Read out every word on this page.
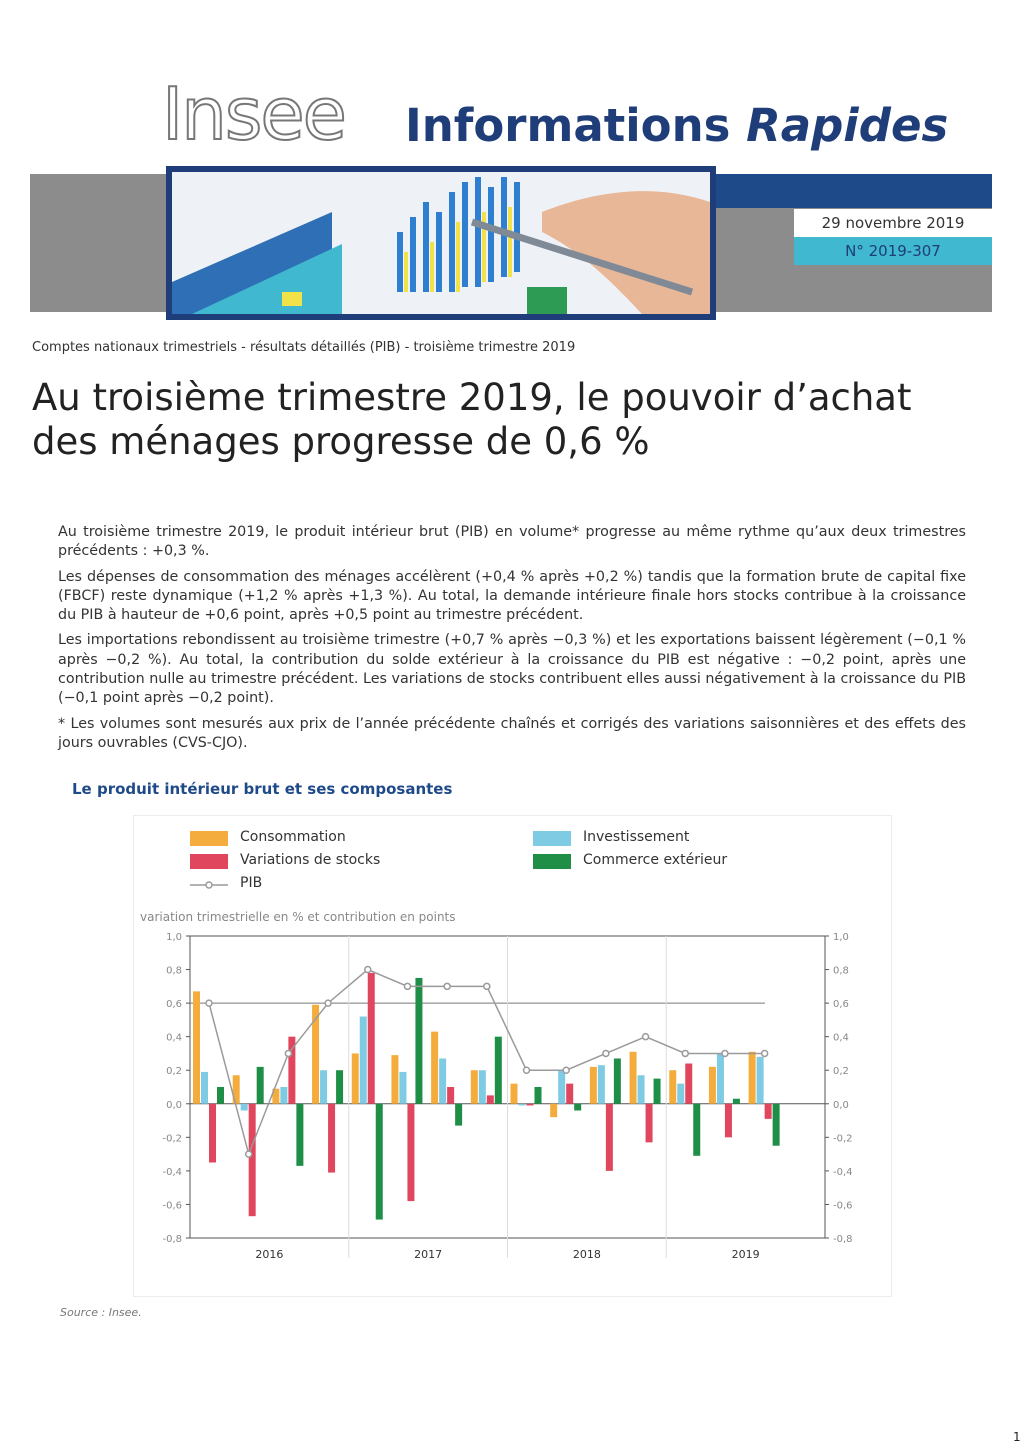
Insee Informations Rapides
29 novembre 2019
N° 2019-307
Comptes nationaux trimestriels - résultats détaillés (PIB) - troisième trimestre 2019
Au troisième trimestre 2019, le pouvoir d’achat
des ménages progresse de 0,6 %

Au troisième trimestre 2019, le produit intérieur brut (PIB) en volume* progresse au même rythme qu’aux deux trimestres précédents : +0,3 %.

Les dépenses de consommation des ménages accélèrent (+0,4 % après +0,2 %) tandis que la formation brute de capital fixe (FBCF) reste dynamique (+1,2 % après +1,3 %). Au total, la demande intérieure finale hors stocks contribue à la croissance du PIB à hauteur de +0,6 point, après +0,5 point au trimestre précédent.

Les importations rebondissent au troisième trimestre (+0,7 % après −0,3 %) et les exportations baissent légèrement (−0,1 % après −0,2 %). Au total, la contribution du solde extérieur à la croissance du PIB est négative : −0,2 point, après une contribution nulle au trimestre précédent. Les variations de stocks contribuent elles aussi négativement à la croissance du PIB (−0,1 point après −0,2 point).

* Les volumes sont mesurés aux prix de l’année précédente chaînés et corrigés des variations saisonnières et des effets des jours ouvrables (CVS-CJO).

Le produit intérieur brut et ses composantes
Consommation
Variations de stocks
PIB
Investissement
Commerce extérieur
variation trimestrielle en % et contribution en points
1,0	1,0
0,8	0,8
0,6	0,6
0,4	0,4
0,2	0,2
0,0	0,0
-0,2	-0,2
-0,4	-0,4
-0,6	-0,6
-0,8	-0,8
2016	2017	2018	2019
Source : Insee.
1
